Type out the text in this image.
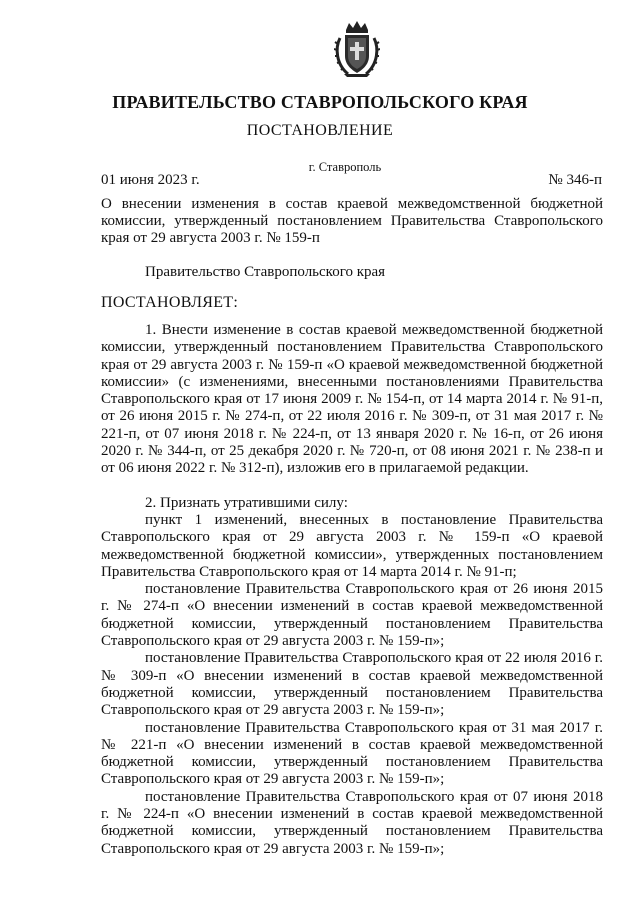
ПРАВИТЕЛЬСТВО СТАВРОПОЛЬСКОГО КРАЯ
ПОСТАНОВЛЕНИЕ
г. Ставрополь
01 июня 2023 г.	№ 346-п
О внесении изменения в состав краевой межведомственной бюджетной комиссии, утвержденный постановлением Правительства Ставропольского края от 29 августа 2003 г. № 159-п
Правительство Ставропольского края
ПОСТАНОВЛЯЕТ:

1. Внести изменение в состав краевой межведомственной бюджетной комиссии, утвержденный постановлением Правительства Ставропольского края от 29 августа 2003 г. № 159-п «О краевой межведомственной бюджетной комиссии» (с изменениями, внесенными постановлениями Правительства Ставропольского края от 17 июня 2009 г. № 154-п, от 14 марта 2014 г. № 91-п, от 26 июня 2015 г. № 274-п, от 22 июля 2016 г. № 309-п, от 31 мая 2017 г. № 221-п, от 07 июня 2018 г. № 224-п, от 13 января 2020 г. № 16-п, от 26 июня 2020 г. № 344-п, от 25 декабря 2020 г. № 720-п, от 08 июня 2021 г. № 238-п и от 06 июня 2022 г. № 312-п), изложив его в прилагаемой редакции.

2. Признать утратившими силу:

пункт 1 изменений, внесенных в постановление Правительства Ставропольского края от 29 августа 2003 г. № 159-п «О краевой межведомственной бюджетной комиссии», утвержденных постановлением Правительства Ставропольского края от 14 марта 2014 г. № 91-п;

постановление Правительства Ставропольского края от 26 июня 2015 г. № 274-п «О внесении изменений в состав краевой межведомственной бюджетной комиссии, утвержденный постановлением Правительства Ставропольского края от 29 августа 2003 г. № 159-п»;

постановление Правительства Ставропольского края от 22 июля 2016 г. № 309-п «О внесении изменений в состав краевой межведомственной бюджетной комиссии, утвержденный постановлением Правительства Ставропольского края от 29 августа 2003 г. № 159-п»;

постановление Правительства Ставропольского края от 31 мая 2017 г. № 221-п «О внесении изменений в состав краевой межведомственной бюджетной комиссии, утвержденный постановлением Правительства Ставропольского края от 29 августа 2003 г. № 159-п»;

постановление Правительства Ставропольского края от 07 июня 2018 г. № 224-п «О внесении изменений в состав краевой межведомственной бюджетной комиссии, утвержденный постановлением Правительства Ставропольского края от 29 августа 2003 г. № 159-п»;
